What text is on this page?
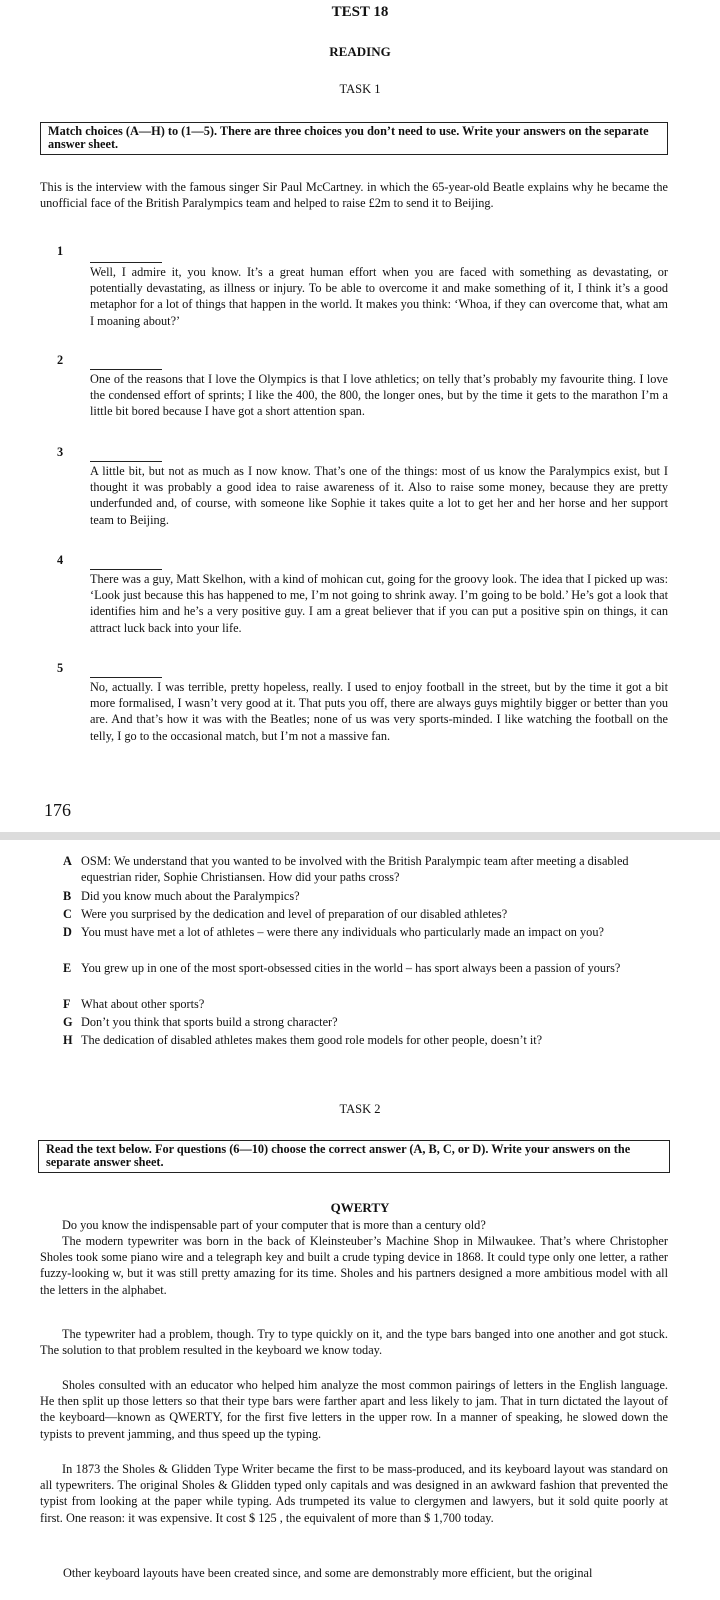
TEST 18
READING
TASK 1
Match choices (A—H) to (1—5). There are three choices you don’t need to use. Write your answers on the separate answer sheet.
This is the interview with the famous singer Sir Paul McCartney. in which the 65-year-old Beatle explains why he became the unofficial face of the British Paralympics team and helped to raise £2m to send it to Beijing.
1
Well, I admire it, you know. It’s a great human effort when you are faced with something as devastating, or potentially devastating, as illness or injury. To be able to overcome it and make something of it, I think it’s a good metaphor for a lot of things that happen in the world. It makes you think: ‘Whoa, if they can overcome that, what am I moaning about?’
2
One of the reasons that I love the Olympics is that I love athletics; on telly that’s probably my favourite thing. I love the condensed effort of sprints; I like the 400, the 800, the longer ones, but by the time it gets to the marathon I’m a little bit bored because I have got a short attention span.
3
A little bit, but not as much as I now know. That’s one of the things: most of us know the Paralympics exist, but I thought it was probably a good idea to raise awareness of it. Also to raise some money, because they are pretty underfunded and, of course, with someone like Sophie it takes quite a lot to get her and her horse and her support team to Beijing.
4
There was a guy, Matt Skelhon, with a kind of mohican cut, going for the groovy look. The idea that I picked up was: ‘Look just because this has happened to me, I’m not going to shrink away. I’m going to be bold.’ He’s got a look that identifies him and he’s a very positive guy. I am a great believer that if you can put a positive spin on things, it can attract luck back into your life.
5
No, actually. I was terrible, pretty hopeless, really. I used to enjoy football in the street, but by the time it got a bit more formalised, I wasn’t very good at it. That puts you off, there are always guys mightily bigger or better than you are. And that’s how it was with the Beatles; none of us was very sports-minded. I like watching the football on the telly, I go to the occasional match, but I’m not a massive fan.
176
A OSM: We understand that you wanted to be involved with the British Paralympic team after meeting a disabled equestrian rider, Sophie Christiansen. How did your paths cross?
B Did you know much about the Paralympics?
C Were you surprised by the dedication and level of preparation of our disabled athletes?
D You must have met a lot of athletes – were there any individuals who particularly made an impact on you?
E You grew up in one of the most sport-obsessed cities in the world – has sport always been a passion of yours?
F What about other sports?
G Don’t you think that sports build a strong character?
H The dedication of disabled athletes makes them good role models for other people, doesn’t it?
TASK 2
Read the text below. For questions (6—10) choose the correct answer (A, B, C, or D). Write your answers on the separate answer sheet.
QWERTY
Do you know the indispensable part of your computer that is more than a century old?
The modern typewriter was born in the back of Kleinsteuber’s Machine Shop in Milwaukee. That’s where Christopher Sholes took some piano wire and a telegraph key and built a crude typing device in 1868. It could type only one letter, a rather fuzzy-looking w, but it was still pretty amazing for its time. Sholes and his partners designed a more ambitious model with all the letters in the alphabet.
The typewriter had a problem, though. Try to type quickly on it, and the type bars banged into one another and got stuck. The solution to that problem resulted in the keyboard we know today.
Sholes consulted with an educator who helped him analyze the most common pairings of letters in the English language. He then split up those letters so that their type bars were farther apart and less likely to jam. That in turn dictated the layout of the keyboard—known as QWERTY, for the first five letters in the upper row. In a manner of speaking, he slowed down the typists to prevent jamming, and thus speed up the typing.
In 1873 the Sholes & Glidden Type Writer became the first to be mass-produced, and its keyboard layout was standard on all typewriters. The original Sholes & Glidden typed only capitals and was designed in an awkward fashion that prevented the typist from looking at the paper while typing. Ads trumpeted its value to clergymen and lawyers, but it sold quite poorly at first. One reason: it was expensive. It cost $ 125 , the equivalent of more than $ 1,700 today.
Other keyboard layouts have been created since, and some are demonstrably more efficient, but the original
